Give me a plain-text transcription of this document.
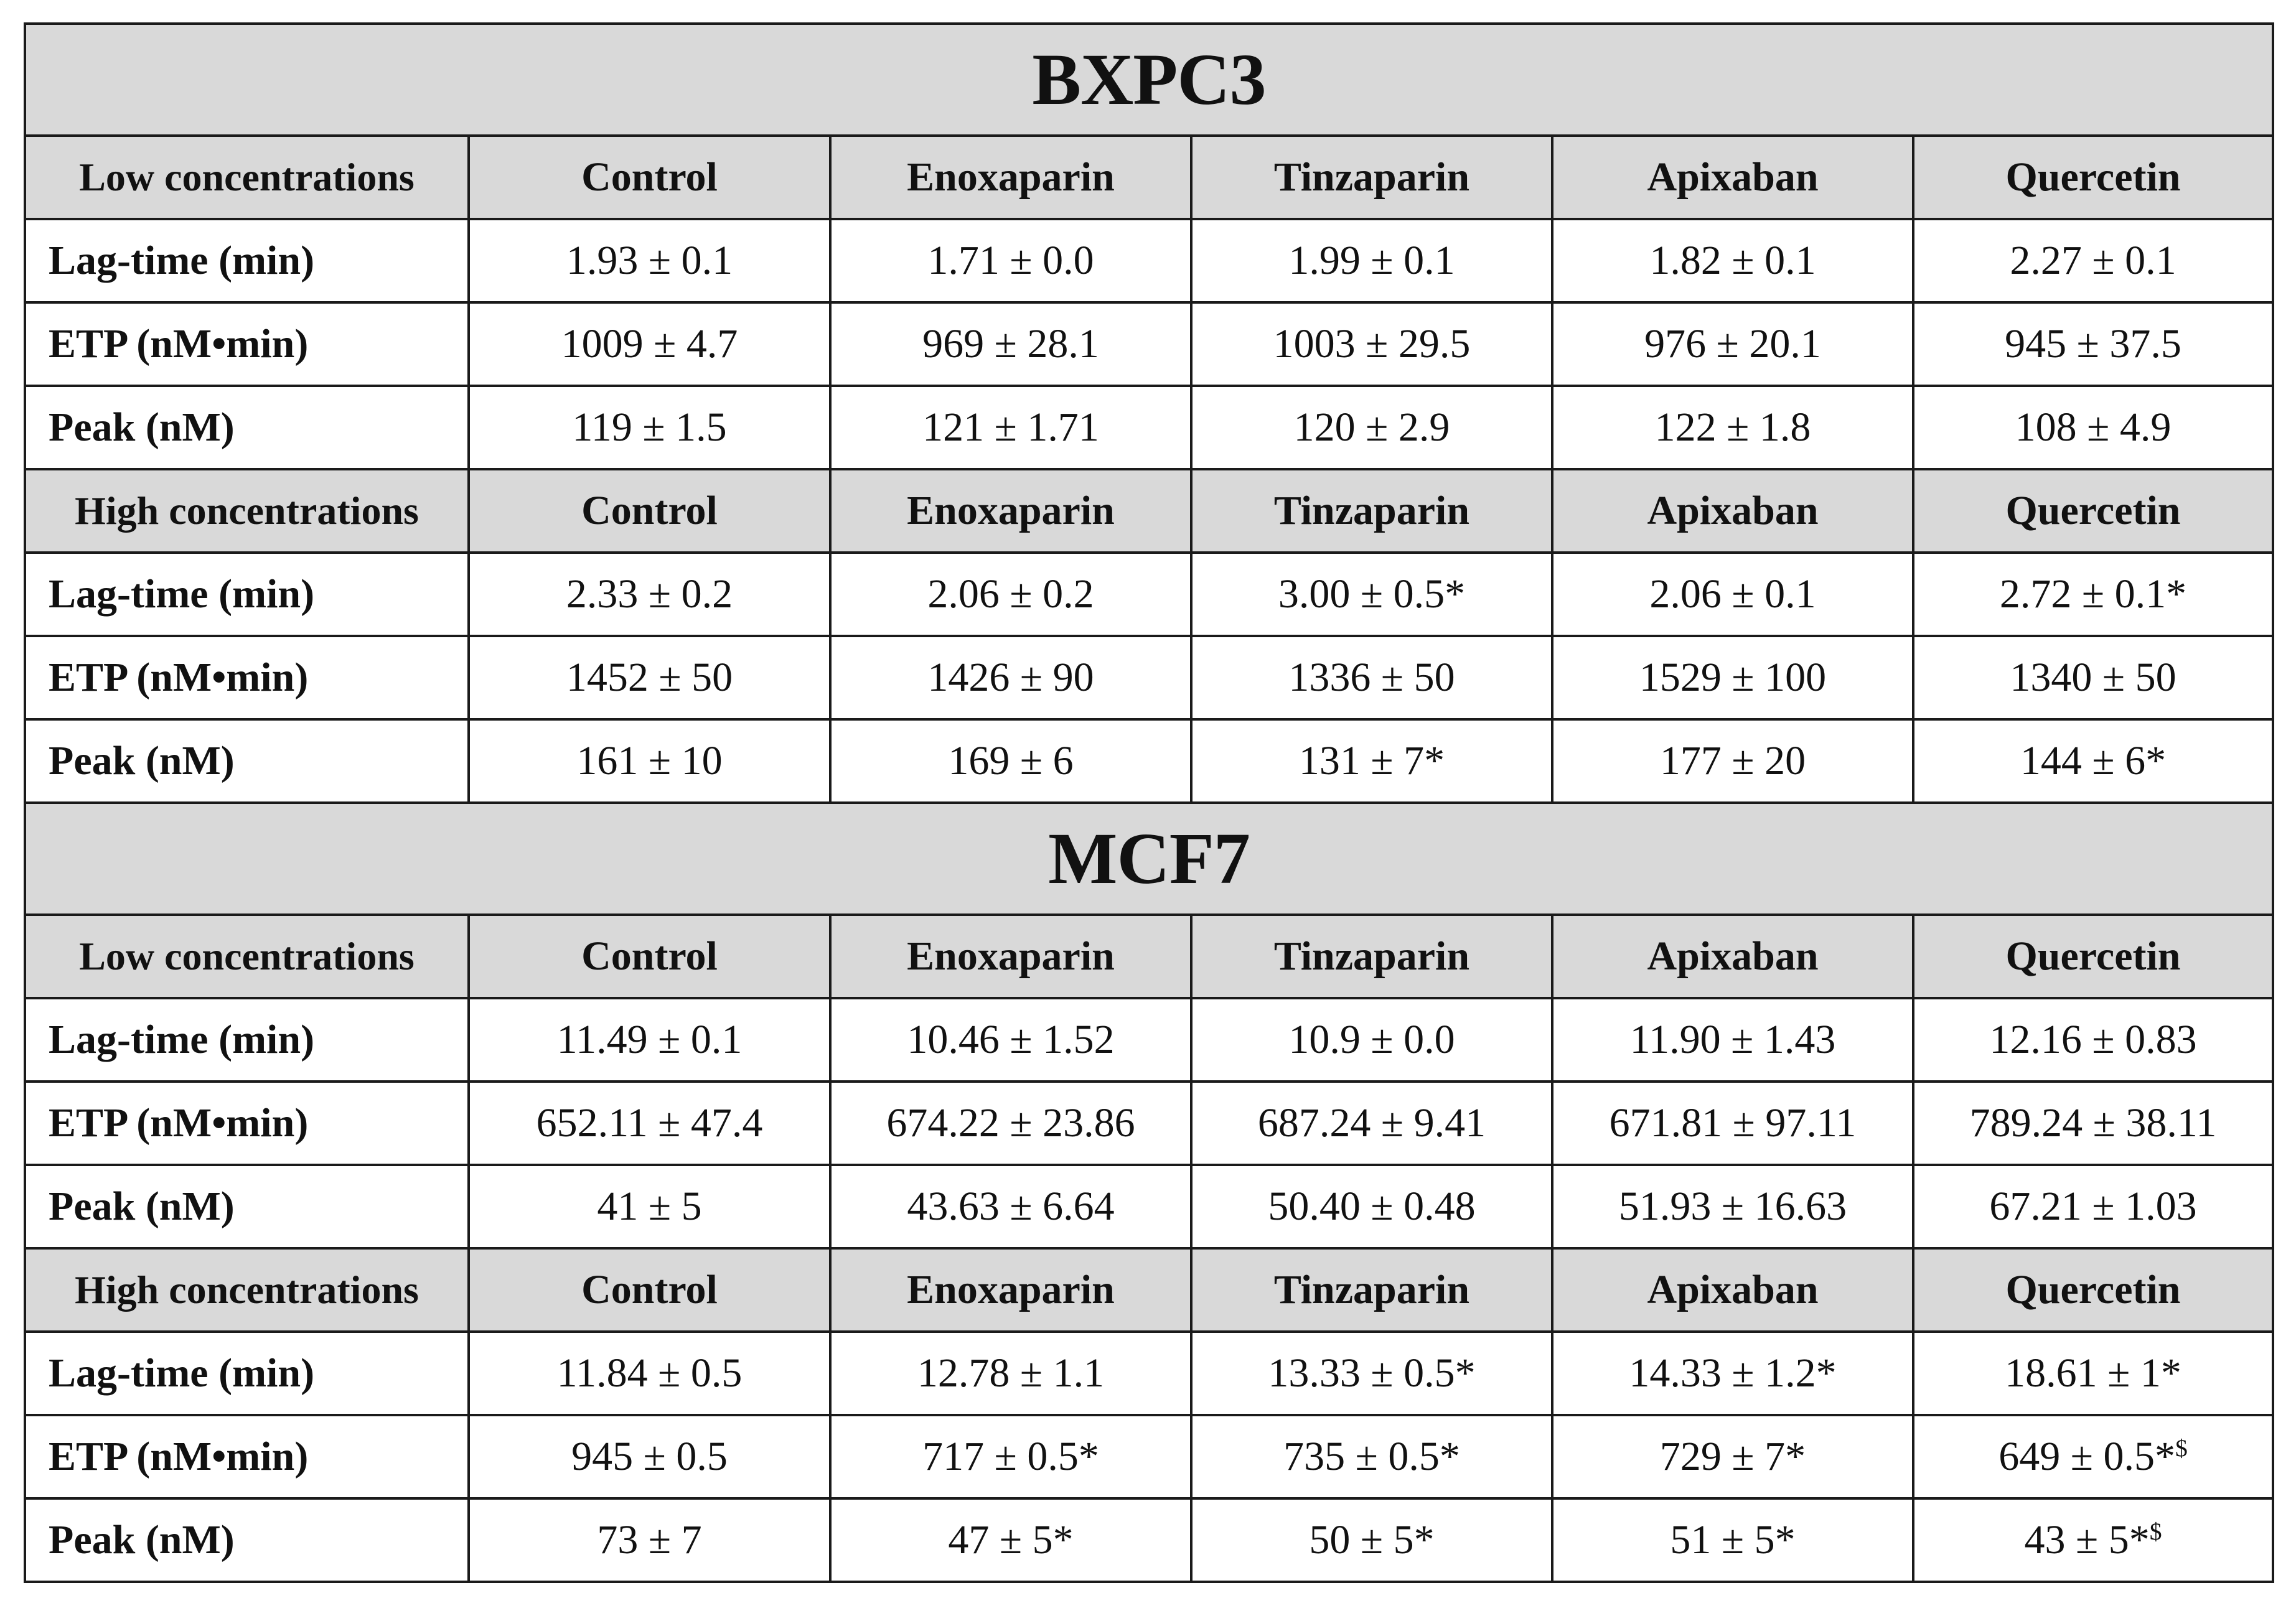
BXPC3					
Low concentrations	Control	Enoxaparin	Tinzaparin	Apixaban	Quercetin
Lag-time (min)	1.93 ± 0.1	1.71 ± 0.0	1.99 ± 0.1	1.82 ± 0.1	2.27 ± 0.1
ETP (nM•min)	1009 ± 4.7	969 ± 28.1	1003 ± 29.5	976 ± 20.1	945 ± 37.5
Peak (nM)	119 ± 1.5	121 ± 1.71	120 ± 2.9	122 ± 1.8	108 ± 4.9
High concentrations	Control	Enoxaparin	Tinzaparin	Apixaban	Quercetin
Lag-time (min)	2.33 ± 0.2	2.06 ± 0.2	3.00 ± 0.5*	2.06 ± 0.1	2.72 ± 0.1*
ETP (nM•min)	1452 ± 50	1426 ± 90	1336 ± 50	1529 ± 100	1340 ± 50
Peak (nM)	161 ± 10	169 ± 6	131 ± 7*	177 ± 20	144 ± 6*
MCF7					
Low concentrations	Control	Enoxaparin	Tinzaparin	Apixaban	Quercetin
Lag-time (min)	11.49 ± 0.1	10.46 ± 1.52	10.9 ± 0.0	11.90 ± 1.43	12.16 ± 0.83
ETP (nM•min)	652.11 ± 47.4	674.22 ± 23.86	687.24 ± 9.41	671.81 ± 97.11	789.24 ± 38.11
Peak (nM)	41 ± 5	43.63 ± 6.64	50.40 ± 0.48	51.93 ± 16.63	67.21 ± 1.03
High concentrations	Control	Enoxaparin	Tinzaparin	Apixaban	Quercetin
Lag-time (min)	11.84 ± 0.5	12.78 ± 1.1	13.33 ± 0.5*	14.33 ± 1.2*	18.61 ± 1*
ETP (nM•min)	945 ± 0.5	717 ± 0.5*	735 ± 0.5*	729 ± 7*	649 ± 0.5*$
Peak (nM)	73 ± 7	47 ± 5*	50 ± 5*	51 ± 5*	43 ± 5*$
